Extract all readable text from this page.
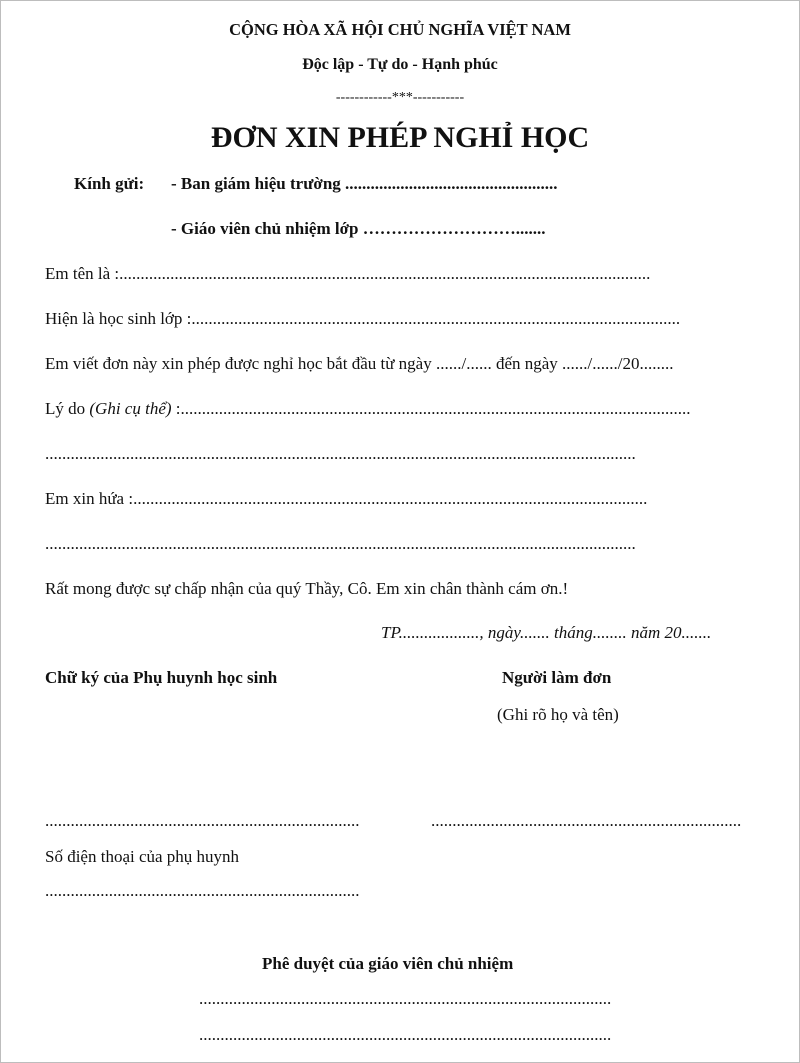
CỘNG HÒA XÃ HỘI CHỦ NGHĨA VIỆT NAM
Độc lập - Tự do - Hạnh phúc
------------***-----------
ĐƠN XIN PHÉP NGHỈ HỌC
Kính gửi: - Ban giám hiệu trường ..................................................
- Giáo viên chủ nhiệm lớp ……………………….......
Em tên là :.............................................................................................................................
Hiện là học sinh lớp :...................................................................................................................
Em viết đơn này xin phép được nghỉ học bắt đầu từ ngày ....../...... đến ngày ....../....../20........
Lý do (Ghi cụ thể) :........................................................................................................................
...........................................................................................................................................
Em xin hứa :.........................................................................................................................
...........................................................................................................................................
Rất mong được sự chấp nhận của quý Thầy, Cô. Em xin chân thành cám ơn.!
TP..................., ngày....... tháng........ năm 20.......
Chữ ký của Phụ huynh học sinh	Người làm đơn
(Ghi rõ họ và tên)
..........................................................................	.........................................................................
Số điện thoại của phụ huynh
..........................................................................
Phê duyệt của giáo viên chủ nhiệm
.................................................................................................
.................................................................................................
